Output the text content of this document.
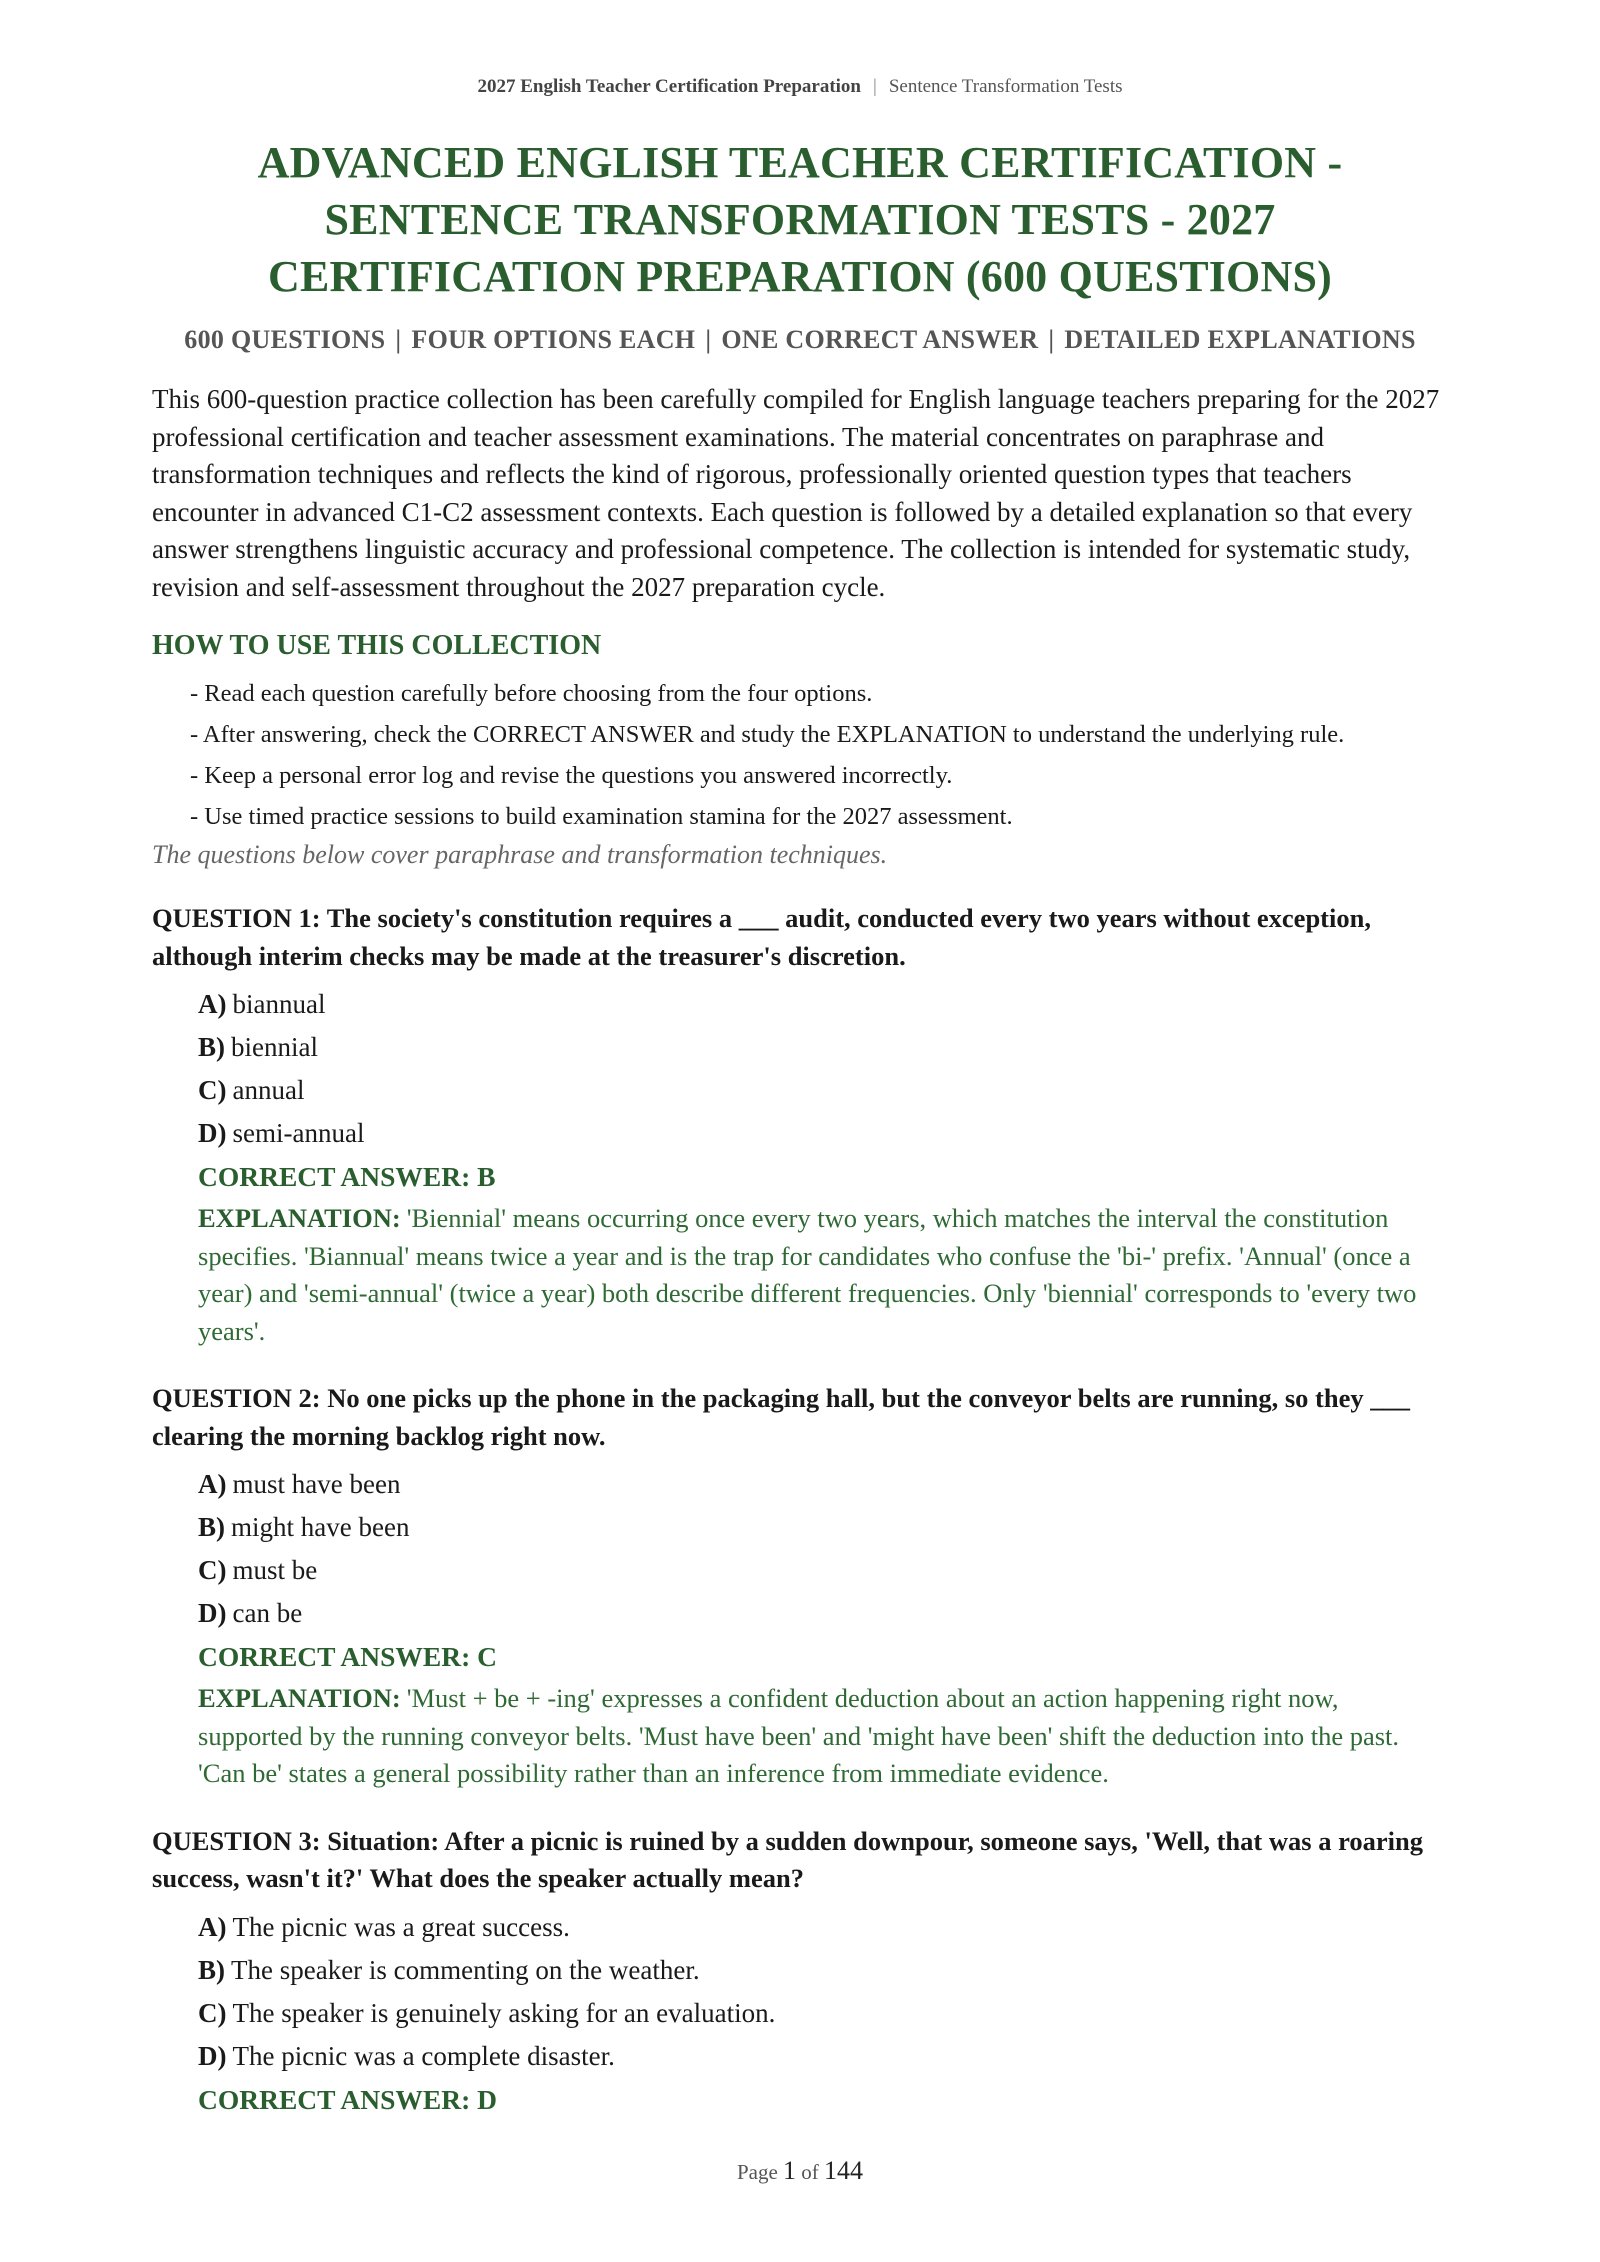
2027 English Teacher Certification Preparation | Sentence Transformation Tests
ADVANCED ENGLISH TEACHER CERTIFICATION - SENTENCE TRANSFORMATION TESTS - 2027 CERTIFICATION PREPARATION (600 QUESTIONS)
600 QUESTIONS | FOUR OPTIONS EACH | ONE CORRECT ANSWER | DETAILED EXPLANATIONS

This 600-question practice collection has been carefully compiled for English language teachers preparing for the 2027 professional certification and teacher assessment examinations. The material concentrates on paraphrase and transformation techniques and reflects the kind of rigorous, professionally oriented question types that teachers encounter in advanced C1-C2 assessment contexts. Each question is followed by a detailed explanation so that every answer strengthens linguistic accuracy and professional competence. The collection is intended for systematic study, revision and self-assessment throughout the 2027 preparation cycle.

HOW TO USE THIS COLLECTION
- Read each question carefully before choosing from the four options.
- After answering, check the CORRECT ANSWER and study the EXPLANATION to understand the underlying rule.
- Keep a personal error log and revise the questions you answered incorrectly.
- Use timed practice sessions to build examination stamina for the 2027 assessment.

The questions below cover paraphrase and transformation techniques.

QUESTION 1: The society's constitution requires a ___ audit, conducted every two years without exception, although interim checks may be made at the treasurer's discretion.

A) biannual
B) biennial
C) annual
D) semi-annual

CORRECT ANSWER: B

EXPLANATION: 'Biennial' means occurring once every two years, which matches the interval the constitution specifies. 'Biannual' means twice a year and is the trap for candidates who confuse the 'bi-' prefix. 'Annual' (once a year) and 'semi-annual' (twice a year) both describe different frequencies. Only 'biennial' corresponds to 'every two years'.

QUESTION 2: No one picks up the phone in the packaging hall, but the conveyor belts are running, so they ___ clearing the morning backlog right now.

A) must have been
B) might have been
C) must be
D) can be

CORRECT ANSWER: C

EXPLANATION: 'Must + be + -ing' expresses a confident deduction about an action happening right now, supported by the running conveyor belts. 'Must have been' and 'might have been' shift the deduction into the past. 'Can be' states a general possibility rather than an inference from immediate evidence.

QUESTION 3: Situation: After a picnic is ruined by a sudden downpour, someone says, 'Well, that was a roaring success, wasn't it?' What does the speaker actually mean?

A) The picnic was a great success.
B) The speaker is commenting on the weather.
C) The speaker is genuinely asking for an evaluation.
D) The picnic was a complete disaster.

CORRECT ANSWER: D

Page 1 of 144
